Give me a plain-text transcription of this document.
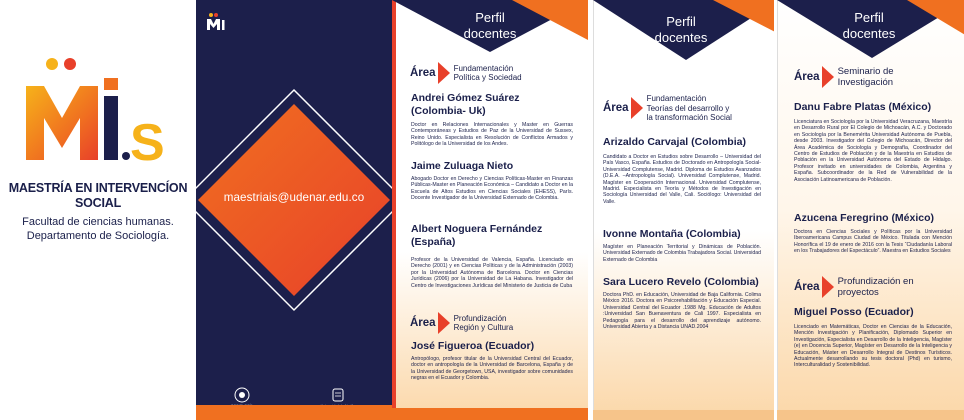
S
MAESTRÍA EN INTERVENCÍON
SOCIAL
Facultad de ciencias humanas.
Departamento de Sociología.
maestriais@udenar.edu.co
Perfil
docentes
Área Fundamentación
Política y Sociedad
Andrei Gómez Suárez
(Colombia- Uk)
Doctor en Relaciones Internacionales y Master en Guerras Contemporáneas y Estudios de Paz de la Universidad de Sussex, Reino Unido. Especialista en Resolución de Conflictos Armados y Politólogo de la Universidad de los Andes.
Jaime Zuluaga Nieto
Abogado Doctor en Derecho y Ciencias Políticas-Master en Finanzas Públicas-Master en Planeación Económica – Candidato a Doctor en la Escuela de Altos Estudios en Ciencias Sociales (EHESS), París. Docente Investigador de la Universidad Externado de Colombia.
Albert Noguera Fernández
(España)
Profesor de la Universidad de Valencia, España. Licenciado en Derecho (2001) y en Ciencias Políticas y de la Administración (2003) por la Universidad Autónoma de Barcelona. Doctor en Ciencias Jurídicas (2006) por la Universidad de La Habana. Investigador del Centro de Investigaciones Jurídicas del Ministerio de Justicia de Cuba
Área Profundización
Región y Cultura
José Figueroa (Ecuador)
Antropólogo, profesor titular de la Universidad Central del Ecuador, doctor en antropología de la Universidad de Barcelona, España y de la Universidad de Georgetown, USA, investigador sobre comunidades negras en el Ecuador y Colombia.
Perfil
docentes
Área
Fundamentación
Teorías del desarrollo y
la transformación Social
Arizaldo Carvajal (Colombia)
Candidato a Doctor en Estudios sobre Desarrollo – Universidad del País Vasco, España. Estudios de Doctorado en Antropología Social- Universidad Complutense, Madrid. Diploma de Estudios Avanzados (D.E.A. –Antropología Social). Universidad Complutense, Madrid. Magíster en Cooperación Internacional. Universidad Complutense, Madrid. Especialista en Teoría y Métodos de Investigación en Sociología Universidad del Valle, Cali. Sociólogo: Universidad del Valle.
Ivonne Montaña (Colombia)
Magíster en Planeación Territorial y Dinámicas de Población. Universidad Externado de Colombia Trabajadora Social. Universidad Externado de Colombia
Sara Lucero Revelo (Colombia)
Doctora PhD. en Educación, Universidad de Baja California. Colima México 2016. Doctora en Psicorehabilitación y Educación Especial. Universidad Central del Ecuador .1988 Mg. Educación de Adultos :Universidad San Buenaventura de Cali 1997. Especialista en Pedagogía para el desarrollo del aprendizaje autónomo. Universidad Abierta y a Distancia UNAD.2004
Perfil
docentes
Área Seminario de
Investigación
Danu Fabre Platas (México)
Licenciatura en Sociología por la Universidad Veracruzana, Maestría en Desarrollo Rural por El Colegio de Michoacán, A.C. y Doctorado en Sociología por la Benemérita Universidad Autónoma de Puebla, desde 2003. Investigador del Colegio de Michoacán, Director del Área Académica de Sociología y Demografía, Coordinador del Centro de Estudios de Población y de la Maestría en Estudios de Población en la Universidad Autónoma del Estado de Hidalgo. Profesor invitado en universidades de Colombia, Argentina y España. Subcoordinador de la Red de Vulnerabilidad de la Asociación Latinoamericana de Población.
Azucena Feregrino (México)
Doctora en Ciencias Sociales y Políticas por la Universidad Iberoamericana Campus Ciudad de México. Titulada con Mención Honorífica el 19 de enero de 2016 con la Tesis “Ciudadanía Laboral en los Trabajadores del Espectáculo”. Maestra en Estudios Sociales
Área Profundización en
proyectos
Miguel Posso (Ecuador)
Licenciado en Matemáticas, Doctor en Ciencias de la Educación, Mención Investigación y Planificación, Diplomado Superior en Investigación, Especialista en Desarrollo de la Inteligencia, Magíster (e) en Docencia Superior, Magíster en Desarrollo de la Inteligencia y Educación, Máster en Desarrollo Integral de Destinos Turísticos. Actualmente desarrollando su tesis doctoral (Phd) en turismo, Interculturalidad y Sostenibilidad.
